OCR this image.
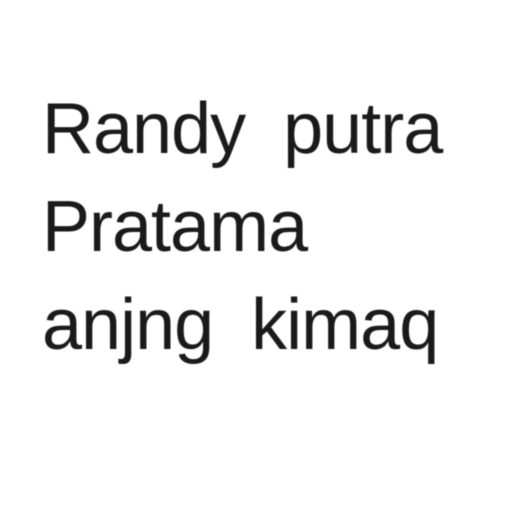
Randy  putra
Pratama
anjng  kimaq
